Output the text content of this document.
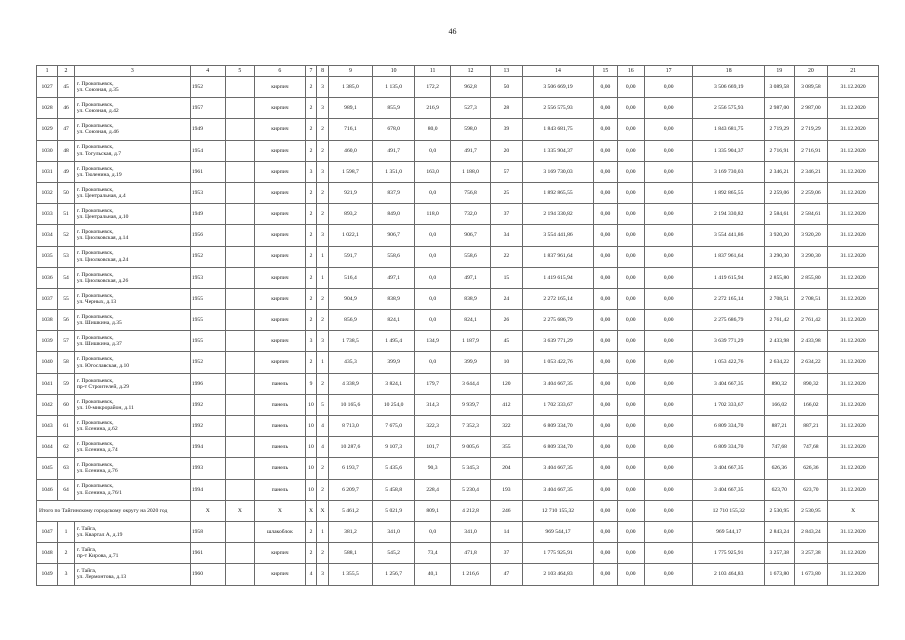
46
1	2	3	4	5	6	7	8	9	10	11	12	13	14	15	16	17	18	19	20	21
1027	45	г. Прокопьевск,
ул. Союзная, д.35	1952		кирпич	2	3	1 385,0	1 135,0	172,2	962,8	50	3 506 669,19	0,00	0,00	0,00	3 506 669,19	3 089,58	3 089,58	31.12.2020
1028	46	г. Прокопьевск,
ул. Союзная, д.42	1957		кирпич	2	3	989,1	855,9	216,9	527,3	28	2 556 575,93	0,00	0,00	0,00	2 556 575,93	2 987,00	2 987,00	31.12.2020
1029	47	г. Прокопьевск,
ул. Союзная, д.46	1949		кирпич	2	2	716,1	678,0	80,0	598,0	39	1 843 681,75	0,00	0,00	0,00	1 843 681,75	2 719,29	2 719,29	31.12.2020
1030	48	г. Прокопьевск,
ул. Тогульская, д.7	1954		кирпич	2	2	460,0	491,7	0,0	491,7	20	1 335 904,37	0,00	0,00	0,00	1 335 904,37	2 716,91	2 716,91	31.12.2020
1031	49	г. Прокопьевск,
ул. Тюленина, д.19	1961		кирпич	3	3	1 598,7	1 351,0	163,0	1 188,0	57	3 169 730,03	0,00	0,00	0,00	3 169 730,03	2 346,21	2 346,21	31.12.2020
1032	50	г. Прокопьевск,
ул. Центральная, д.4	1953		кирпич	2	2	921,9	837,9	0,0	756,8	25	1 892 865,55	0,00	0,00	0,00	1 892 865,55	2 259,06	2 259,06	31.12.2020
1033	51	г. Прокопьевск,
ул. Центральная, д.10	1949		кирпич	2	2	893,2	849,0	118,0	732,0	37	2 194 330,82	0,00	0,00	0,00	2 194 330,82	2 584,61	2 584,61	31.12.2020
1034	52	г. Прокопьевск,
ул. Циолковская, д.14	1956		кирпич	2	3	1 022,1	906,7	0,0	906,7	34	3 554 441,86	0,00	0,00	0,00	3 554 441,86	3 920,20	3 920,20	31.12.2020
1035	53	г. Прокопьевск,
ул. Циолковская, д.24	1952		кирпич	2	1	591,7	558,6	0,0	558,6	22	1 837 961,64	0,00	0,00	0,00	1 837 961,64	3 290,30	3 290,30	31.12.2020
1036	54	г. Прокопьевск,
ул. Циолковская, д.26	1953		кирпич	2	1	516,4	497,1	0,0	497,1	15	1 419 615,94	0,00	0,00	0,00	1 419 615,94	2 855,80	2 855,80	31.12.2020
1037	55	г. Прокопьевск,
ул. Черных, д.13	1955		кирпич	2	2	904,9	838,9	0,0	838,9	24	2 272 165,14	0,00	0,00	0,00	2 272 165,14	2 708,51	2 708,51	31.12.2020
1038	56	г. Прокопьевск,
ул. Шишкина, д.35	1955		кирпич	2	2	856,9	824,1	0,0	824,1	26	2 275 686,79	0,00	0,00	0,00	2 275 686,79	2 761,42	2 761,42	31.12.2020
1039	57	г. Прокопьевск,
ул. Шишкина, д.37	1955		кирпич	3	3	1 738,5	1 495,4	134,9	1 187,9	45	3 639 771,29	0,00	0,00	0,00	3 639 771,29	2 433,98	2 433,98	31.12.2020
1040	58	г. Прокопьевск,
ул. Югославская, д.10	1952		кирпич	2	1	435,3	399,9	0,0	399,9	10	1 053 422,76	0,00	0,00	0,00	1 053 422,76	2 634,22	2 634,22	31.12.2020
1041	59	г. Прокопьевск,
пр-т Строителей, д.29	1996		панель	9	2	4 338,9	3 824,1	179,7	3 644,4	120	3 404 667,35	0,00	0,00	0,00	3 404 667,35	890,32	890,32	31.12.2020
1042	60	г. Прокопьевск,
ул. 10-микрорайон, д.11	1992		панель	10	5	10 165,6	10 254,0	314,3	9 939,7	412	1 702 333,67	0,00	0,00	0,00	1 702 333,67	166,02	166,02	31.12.2020
1043	61	г. Прокопьевск,
ул. Есенина, д.62	1992		панель	10	4	8 713,0	7 675,0	322,3	7 352,3	322	6 809 334,70	0,00	0,00	0,00	6 809 334,70	887,21	887,21	31.12.2020
1044	62	г. Прокопьевск,
ул. Есенина, д.74	1994		панель	10	4	10 287,6	9 107,3	101,7	9 005,6	355	6 809 334,70	0,00	0,00	0,00	6 809 334,70	747,68	747,68	31.12.2020
1045	63	г. Прокопьевск,
ул. Есенина, д.76	1993		панель	10	2	6 193,7	5 435,6	90,3	5 345,3	204	3 404 667,35	0,00	0,00	0,00	3 404 667,35	626,36	626,36	31.12.2020
1046	64	г. Прокопьевск,
ул. Есенина, д.76/1	1994		панель	10	2	6 209,7	5 458,8	228,4	5 230,4	193	3 404 667,35	0,00	0,00	0,00	3 404 667,35	623,70	623,70	31.12.2020
Итого по Тайгинскому городскому округу на 2020 год			Х	Х	Х	Х	Х	5 461,2	5 021,9	809,1	4 212,8	246	12 710 155,32	0,00	0,00	0,00	12 710 155,32	2 530,95	2 530,95	Х
1047	1	г. Тайга,
ул. Квартал А, д.19	1958		шлакоблок	2	1	381,2	341,0	0,0	341,0	14	969 544,17	0,00	0,00	0,00	969 544,17	2 843,24	2 843,24	31.12.2020
1048	2	г. Тайга,
пр-т Кирова, д.71	1961		кирпич	2	2	588,1	545,2	73,4	471,8	37	1 775 925,91	0,00	0,00	0,00	1 775 925,91	3 257,38	3 257,38	31.12.2020
1049	3	г. Тайга,
ул. Лермонтова, д.13	1960		кирпич	4	3	1 355,5	1 256,7	40,1	1 216,6	47	2 103 464,83	0,00	0,00	0,00	2 103 464,83	1 673,80	1 673,80	31.12.2020
